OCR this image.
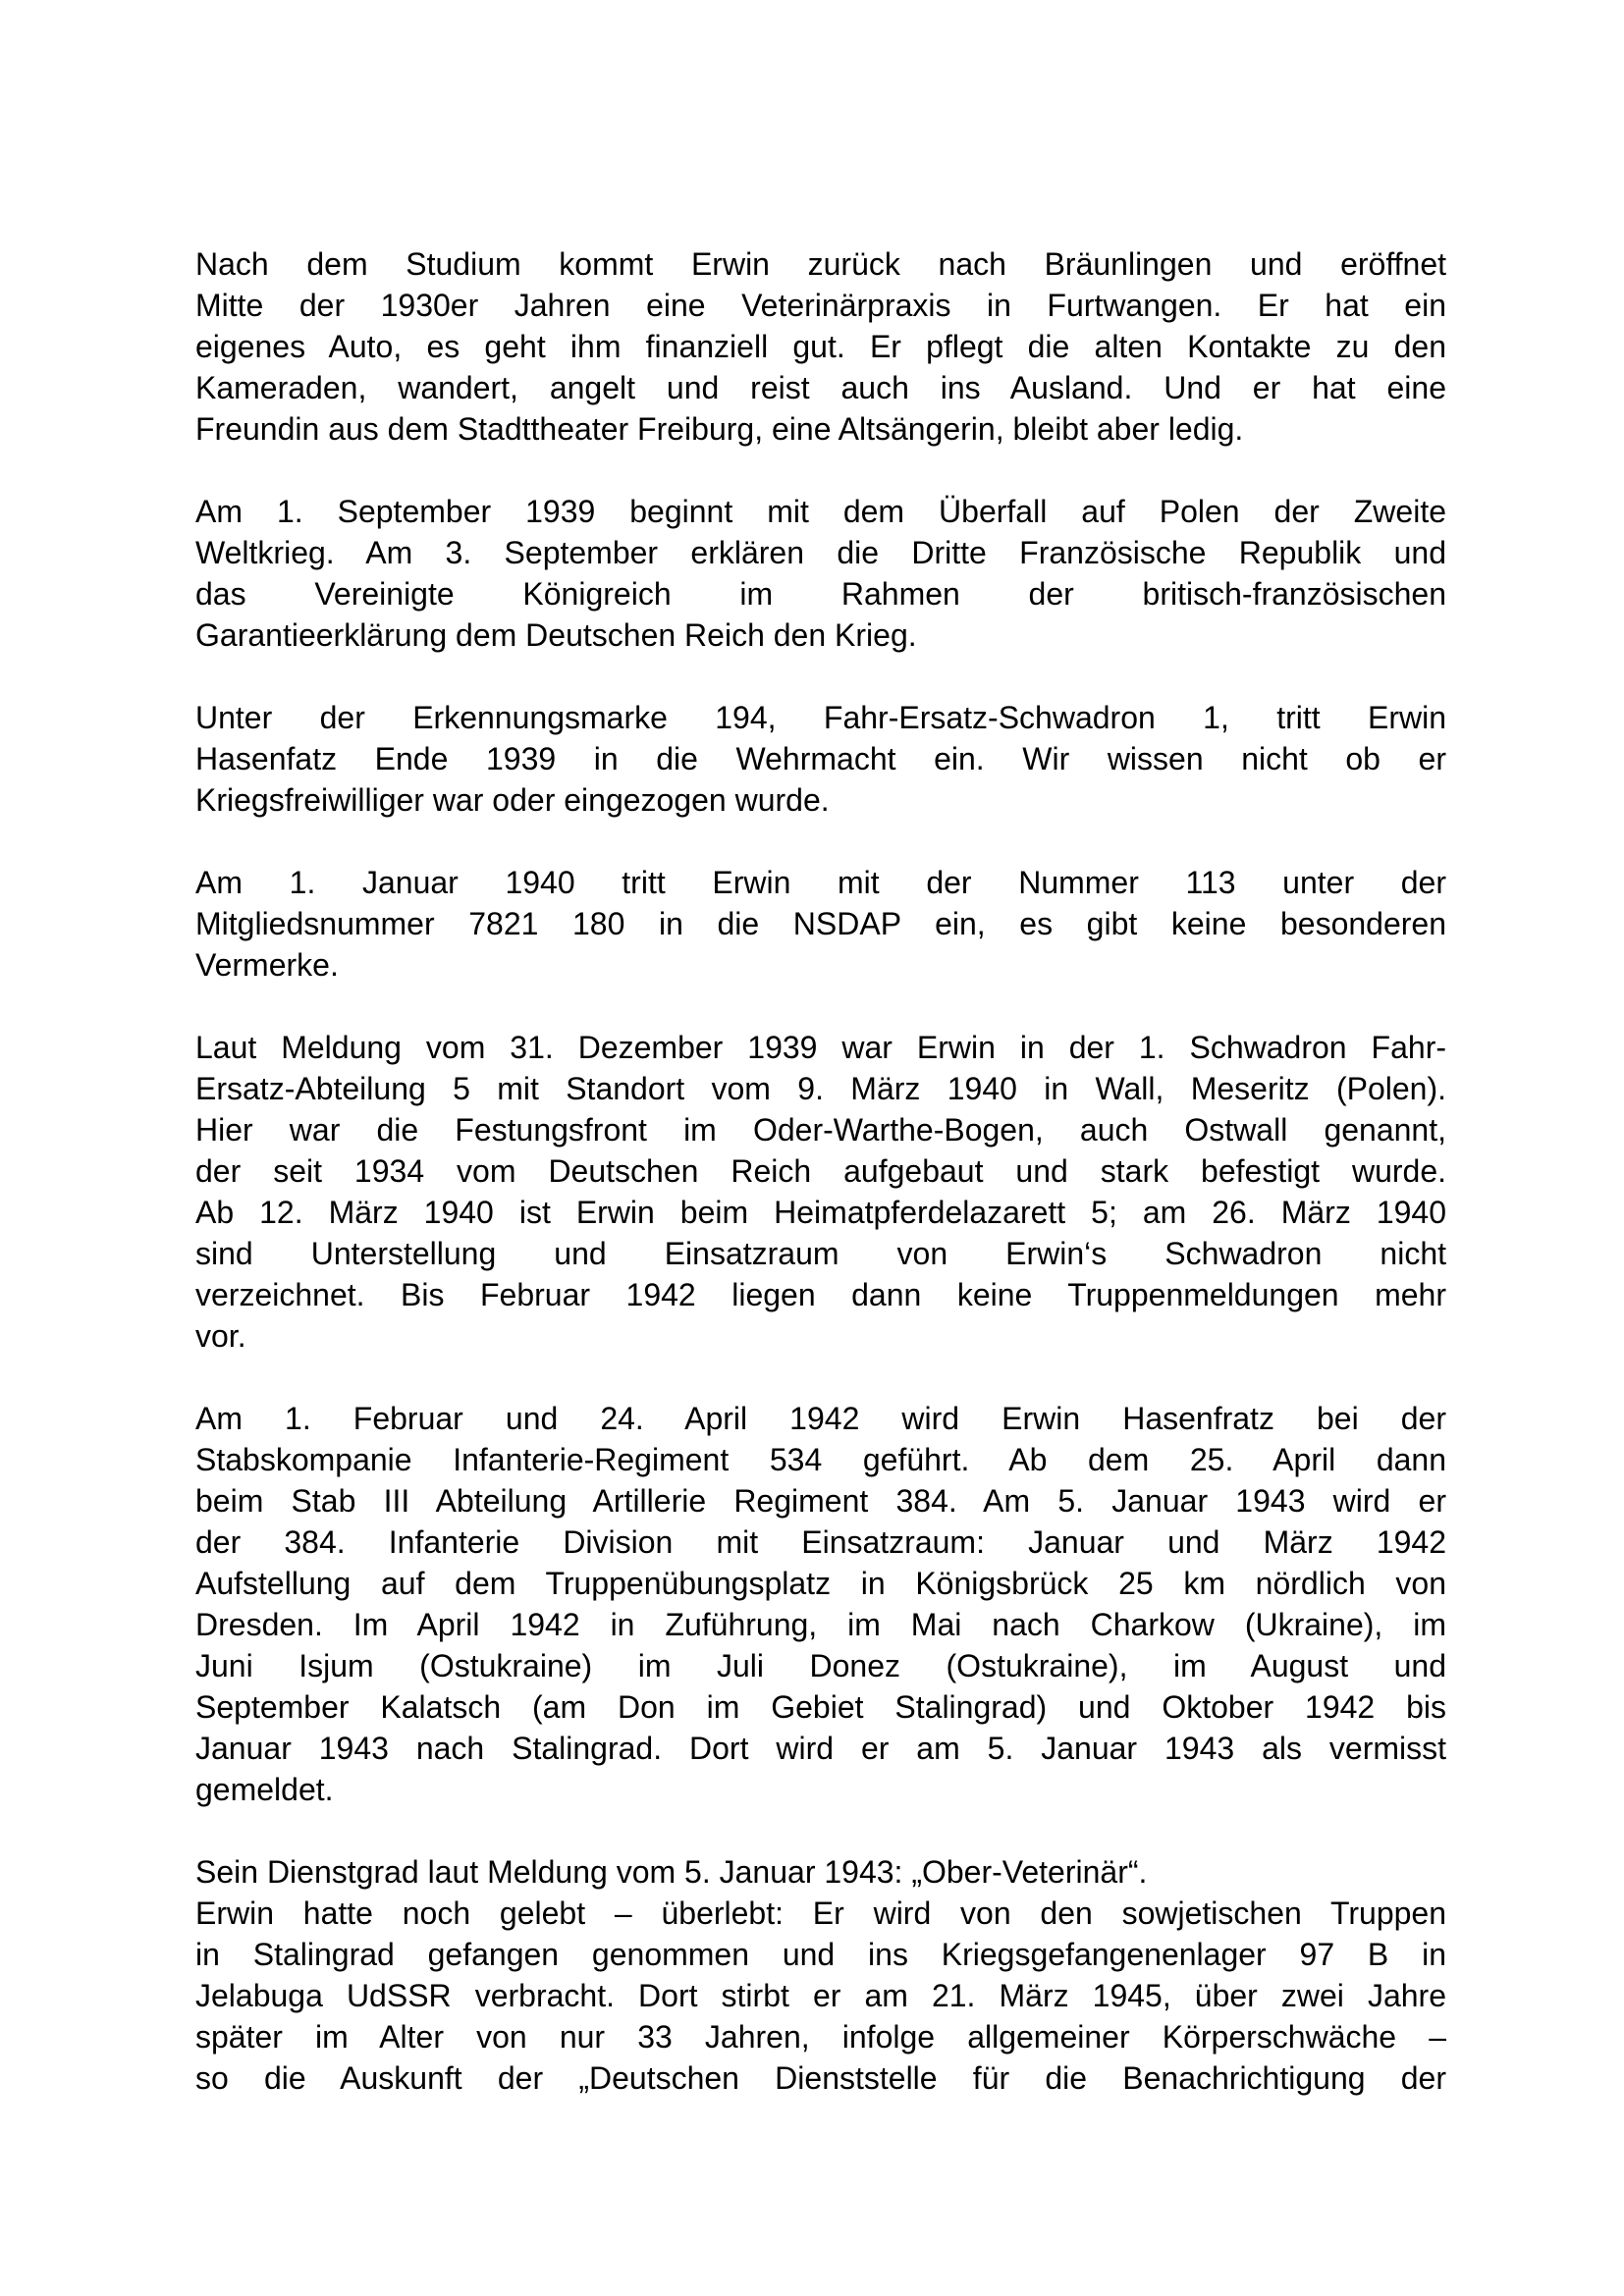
Nach dem Studium kommt Erwin zurück nach Bräunlingen und eröffnet
Mitte der 1930er Jahren eine Veterinärpraxis in Furtwangen. Er hat ein
eigenes Auto, es geht ihm finanziell gut. Er pflegt die alten Kontakte zu den
Kameraden, wandert, angelt und reist auch ins Ausland. Und er hat eine
Freundin aus dem Stadttheater Freiburg, eine Altsängerin, bleibt aber ledig.
Am 1. September 1939 beginnt mit dem Überfall auf Polen der Zweite
Weltkrieg. Am 3. September erklären die Dritte Französische Republik und
das Vereinigte Königreich im Rahmen der britisch-französischen
Garantieerklärung dem Deutschen Reich den Krieg.
Unter der Erkennungsmarke 194, Fahr-Ersatz-Schwadron 1, tritt Erwin
Hasenfatz Ende 1939 in die Wehrmacht ein. Wir wissen nicht ob er
Kriegsfreiwilliger war oder eingezogen wurde.
Am 1. Januar 1940 tritt Erwin mit der Nummer 113 unter der
Mitgliedsnummer 7821 180 in die NSDAP ein, es gibt keine besonderen
Vermerke.
Laut Meldung vom 31. Dezember 1939 war Erwin in der 1. Schwadron Fahr-
Ersatz-Abteilung 5 mit Standort vom 9. März 1940 in Wall, Meseritz (Polen).
Hier war die Festungsfront im Oder-Warthe-Bogen, auch Ostwall genannt,
der seit 1934 vom Deutschen Reich aufgebaut und stark befestigt wurde.
Ab 12. März 1940 ist Erwin beim Heimatpferdelazarett 5; am 26. März 1940
sind Unterstellung und Einsatzraum von Erwin‘s Schwadron nicht
verzeichnet. Bis Februar 1942 liegen dann keine Truppenmeldungen mehr
vor.
Am 1. Februar und 24. April 1942 wird Erwin Hasenfratz bei der
Stabskompanie Infanterie-Regiment 534 geführt. Ab dem 25. April dann
beim Stab III Abteilung Artillerie Regiment 384. Am 5. Januar 1943 wird er
der 384. Infanterie Division mit Einsatzraum: Januar und März 1942
Aufstellung auf dem Truppenübungsplatz in Königsbrück 25 km nördlich von
Dresden. Im April 1942 in Zuführung, im Mai nach Charkow (Ukraine), im
Juni Isjum (Ostukraine) im Juli Donez (Ostukraine), im August und
September Kalatsch (am Don im Gebiet Stalingrad) und Oktober 1942 bis
Januar 1943 nach Stalingrad. Dort wird er am 5. Januar 1943 als vermisst
gemeldet.
Sein Dienstgrad laut Meldung vom 5. Januar 1943: „Ober-Veterinär“.
Erwin hatte noch gelebt – überlebt: Er wird von den sowjetischen Truppen
in Stalingrad gefangen genommen und ins Kriegsgefangenenlager 97 B in
Jelabuga UdSSR verbracht. Dort stirbt er am 21. März 1945, über zwei Jahre
später im Alter von nur 33 Jahren, infolge allgemeiner Körperschwäche –
so die Auskunft der „Deutschen Dienststelle für die Benachrichtigung der
